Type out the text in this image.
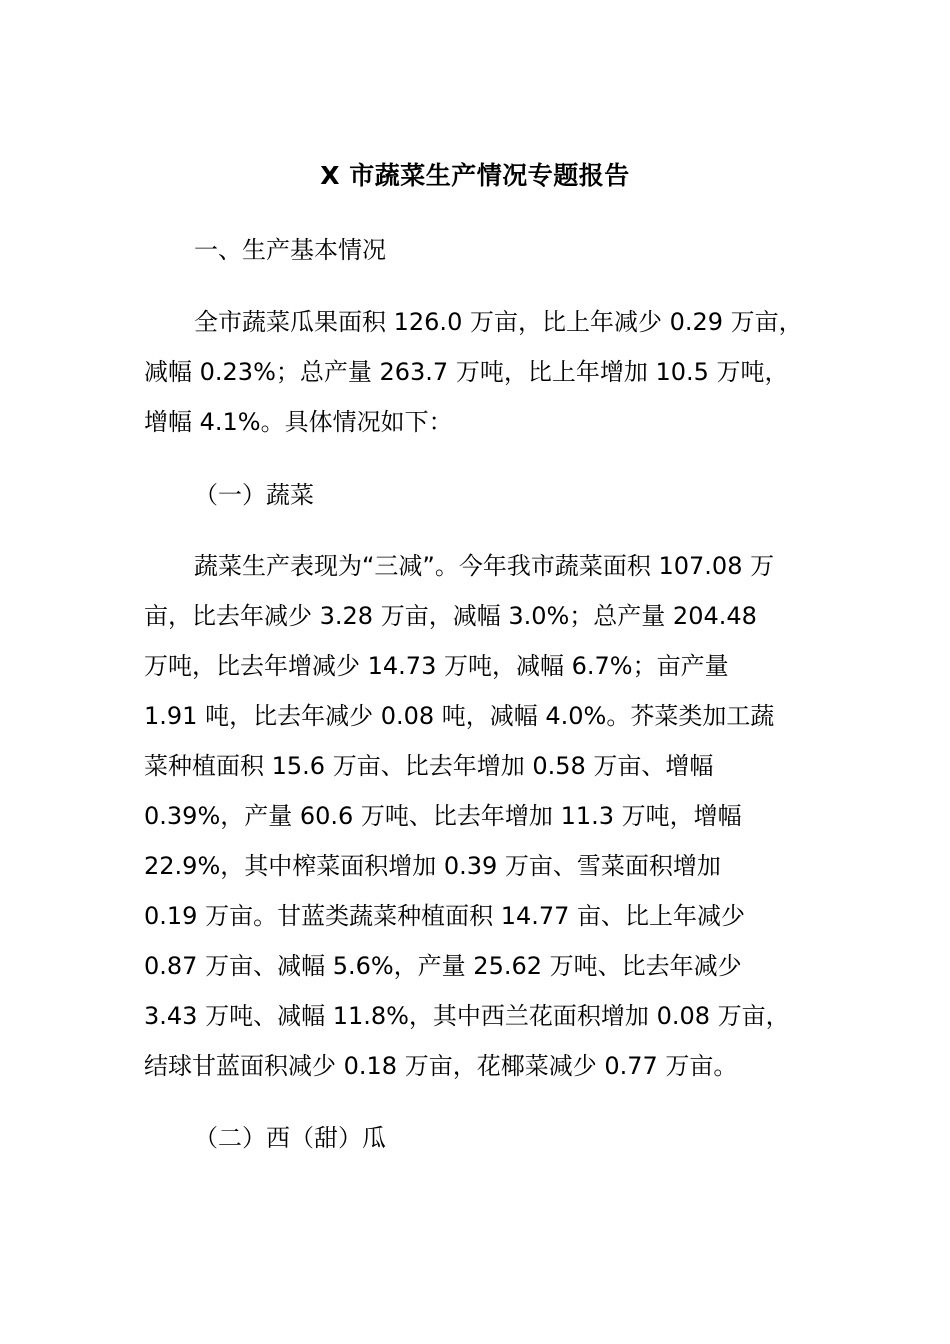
X 市蔬菜生产情况专题报告
一、生产基本情况
全市蔬菜瓜果面积 126.0 万亩，比上年减少 0.29 万亩，
减幅 0.23%；总产量 263.7 万吨，比上年增加 10.5 万吨，
增幅 4.1%。具体情况如下：
（一）蔬菜
蔬菜生产表现为“三减”。今年我市蔬菜面积 107.08 万
亩，比去年减少 3.28 万亩，减幅 3.0%；总产量 204.48
万吨，比去年增减少 14.73 万吨，减幅 6.7%；亩产量
1.91 吨，比去年减少 0.08 吨，减幅 4.0%。芥菜类加工蔬
菜种植面积 15.6 万亩、比去年增加 0.58 万亩、增幅
0.39%，产量 60.6 万吨、比去年增加 11.3 万吨，增幅
22.9%，其中榨菜面积增加 0.39 万亩、雪菜面积增加
0.19 万亩。甘蓝类蔬菜种植面积 14.77 亩、比上年减少
0.87 万亩、减幅 5.6%，产量 25.62 万吨、比去年减少
3.43 万吨、减幅 11.8%，其中西兰花面积增加 0.08 万亩，
结球甘蓝面积减少 0.18 万亩，花椰菜减少 0.77 万亩。
（二）西（甜）瓜
